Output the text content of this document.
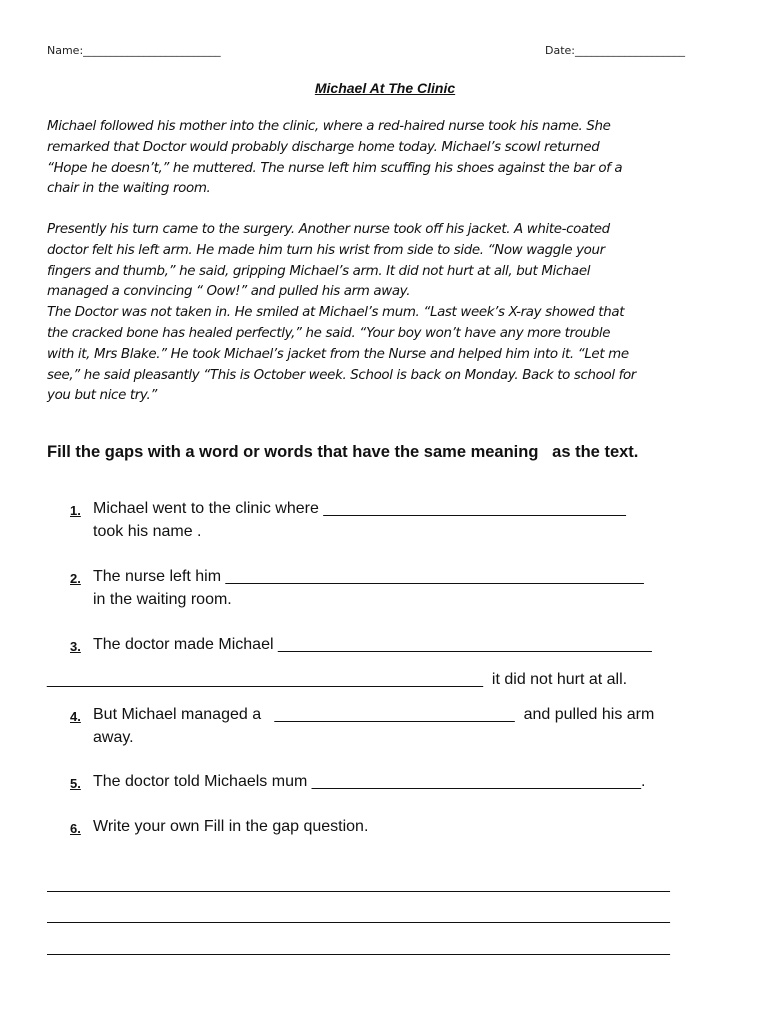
Name:_________________________	Date:____________________
Michael At The Clinic
Michael followed his mother into the clinic, where a red-haired nurse took his name. She
remarked that Doctor would probably discharge home today. Michael’s scowl returned
“Hope he doesn’t,” he muttered. The nurse left him scuffing his shoes against the bar of a
chair in the waiting room.
Presently his turn came to the surgery. Another nurse took off his jacket. A white-coated
doctor felt his left arm. He made him turn his wrist from side to side. “Now waggle your
fingers and thumb,” he said, gripping Michael’s arm. It did not hurt at all, but Michael
managed a convincing “ Oow!” and pulled his arm away.
The Doctor was not taken in. He smiled at Michael’s mum. “Last week’s X-ray showed that
the cracked bone has healed perfectly,” he said. “Your boy won’t have any more trouble
with it, Mrs Blake.” He took Michael’s jacket from the Nurse and helped him into it. “Let me
see,” he said pleasantly “This is October week. School is back on Monday. Back to school for
you but nice try.”
Fill the gaps with a word or words that have the same meaning   as the text.
1. Michael went to the clinic where __________________________________
took his name .
2. The nurse left him _______________________________________________
in the waiting room.
3. The doctor made Michael __________________________________________
_________________________________________________  it did not hurt at all.
4. But Michael managed a   ___________________________  and pulled his arm
away.
5. The doctor told Michaels mum _____________________________________.
6. Write your own Fill in the gap question.
______________________________________________________________________
______________________________________________________________________
______________________________________________________________________
